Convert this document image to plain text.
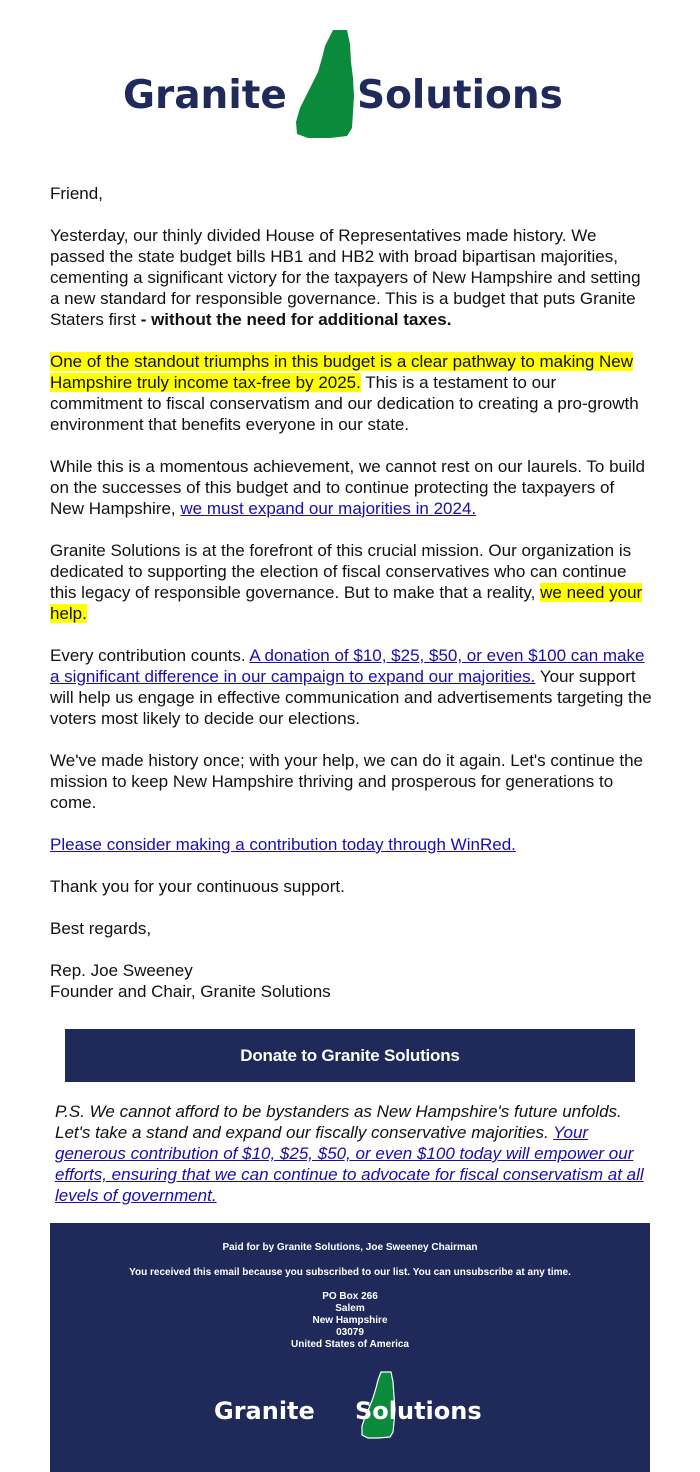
Granite Solutions

Friend,

Yesterday, our thinly divided House of Representatives made history. We passed the state budget bills HB1 and HB2 with broad bipartisan majorities, cementing a significant victory for the taxpayers of New Hampshire and setting a new standard for responsible governance. This is a budget that puts Granite Staters first - without the need for additional taxes.

One of the standout triumphs in this budget is a clear pathway to making New Hampshire truly income tax-free by 2025. This is a testament to our commitment to fiscal conservatism and our dedication to creating a pro-growth environment that benefits everyone in our state.

While this is a momentous achievement, we cannot rest on our laurels. To build on the successes of this budget and to continue protecting the taxpayers of New Hampshire, we must expand our majorities in 2024.

Granite Solutions is at the forefront of this crucial mission. Our organization is dedicated to supporting the election of fiscal conservatives who can continue this legacy of responsible governance. But to make that a reality, we need your help.

Every contribution counts. A donation of $10, $25, $50, or even $100 can make a significant difference in our campaign to expand our majorities. Your support will help us engage in effective communication and advertisements targeting the voters most likely to decide our elections.

We've made history once; with your help, we can do it again. Let's continue the mission to keep New Hampshire thriving and prosperous for generations to come.

Please consider making a contribution today through WinRed.

Thank you for your continuous support.

Best regards,

Rep. Joe Sweeney

Founder and Chair, Granite Solutions

Donate to Granite Solutions
P.S. We cannot afford to be bystanders as New Hampshire's future unfolds. Let's take a stand and expand our fiscally conservative majorities. Your generous contribution of $10, $25, $50, or even $100 today will empower our efforts, ensuring that we can continue to advocate for fiscal conservatism at all levels of government.
Paid for by Granite Solutions, Joe Sweeney Chairman
You received this email because you subscribed to our list. You can unsubscribe at any time.
PO Box 266
Salem
New Hampshire
03079
United States of America
Granite Solutions
